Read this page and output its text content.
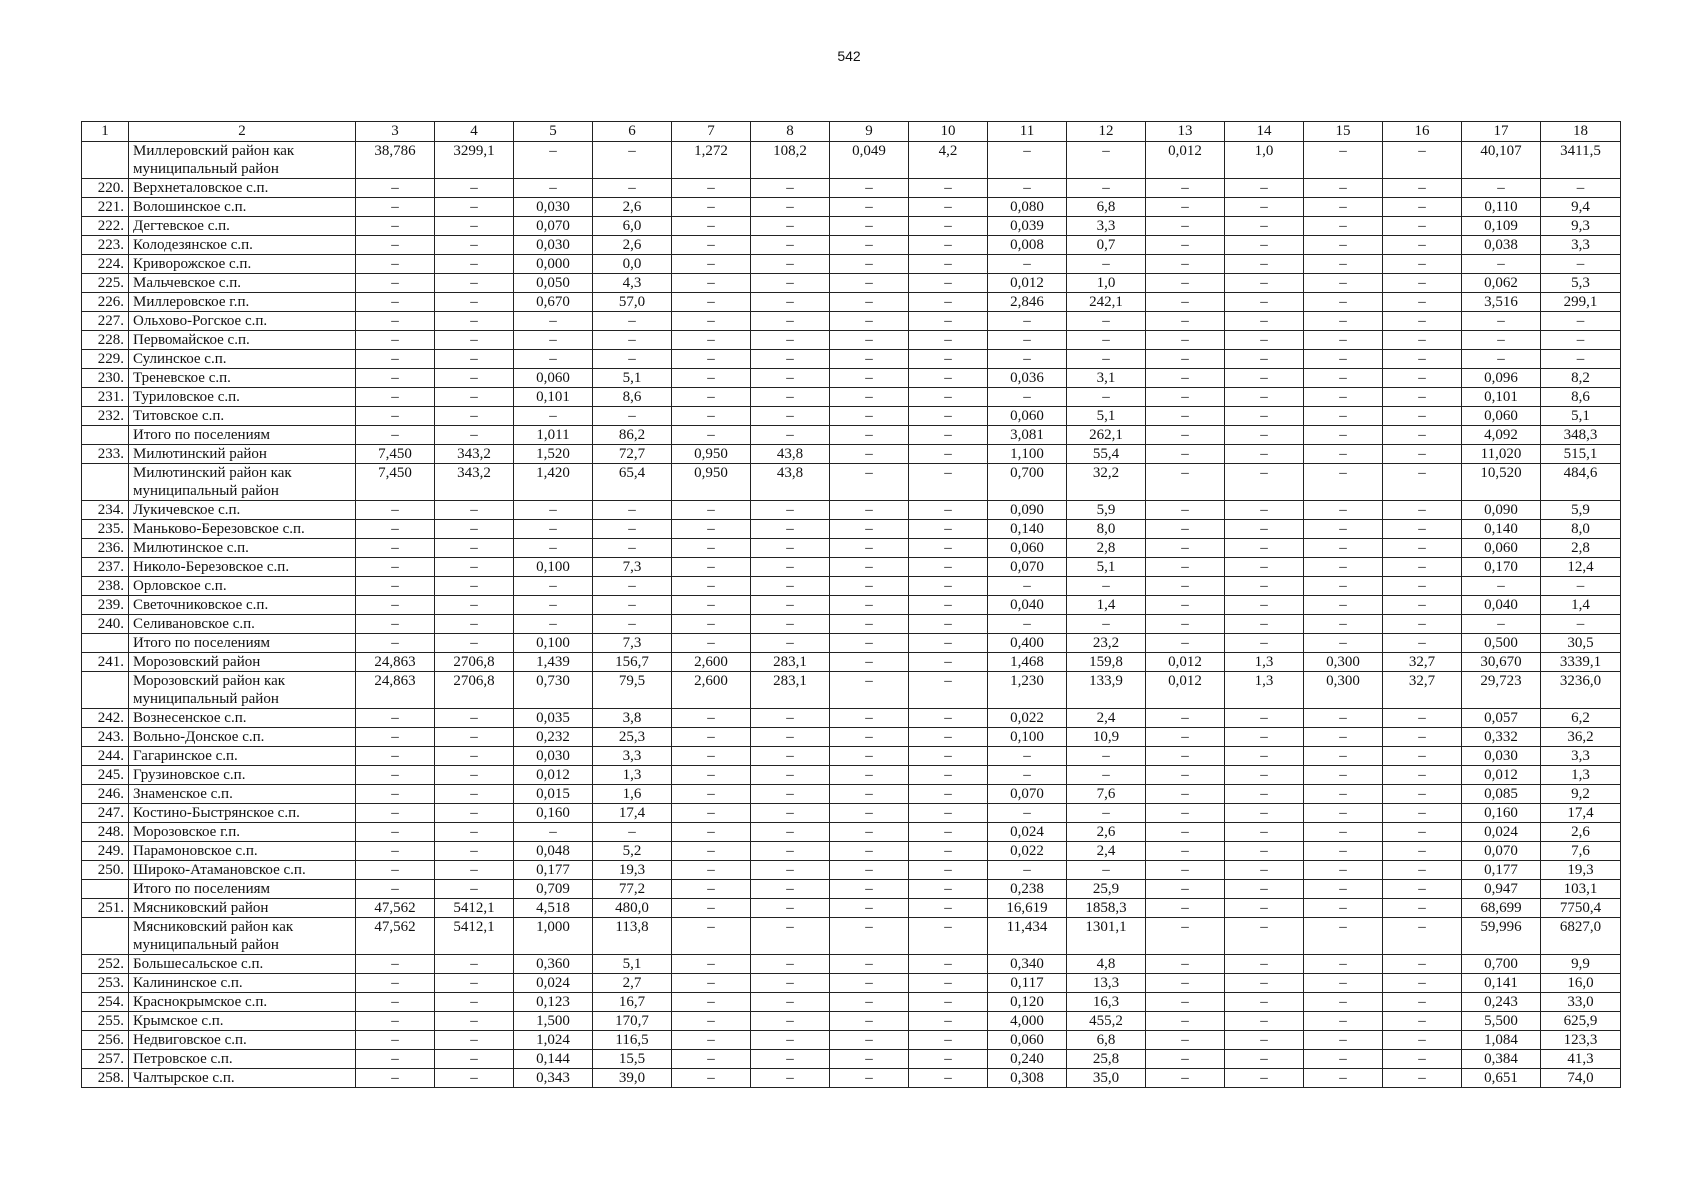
542
1	2	3	4	5	6	7	8	9	10	11	12	13	14	15	16	17	18
	Миллеровский район как муниципальный район	38,786	3299,1	–	–	1,272	108,2	0,049	4,2	–	–	0,012	1,0	–	–	40,107	3411,5
220.	Верхнеталовское с.п.	–	–	–	–	–	–	–	–	–	–	–	–	–	–	–	–
221.	Волошинское с.п.	–	–	0,030	2,6	–	–	–	–	0,080	6,8	–	–	–	–	0,110	9,4
222.	Дегтевское с.п.	–	–	0,070	6,0	–	–	–	–	0,039	3,3	–	–	–	–	0,109	9,3
223.	Колодезянское с.п.	–	–	0,030	2,6	–	–	–	–	0,008	0,7	–	–	–	–	0,038	3,3
224.	Криворожское с.п.	–	–	0,000	0,0	–	–	–	–	–	–	–	–	–	–	–	–
225.	Мальчевское с.п.	–	–	0,050	4,3	–	–	–	–	0,012	1,0	–	–	–	–	0,062	5,3
226.	Миллеровское г.п.	–	–	0,670	57,0	–	–	–	–	2,846	242,1	–	–	–	–	3,516	299,1
227.	Ольхово-Рогское с.п.	–	–	–	–	–	–	–	–	–	–	–	–	–	–	–	–
228.	Первомайское с.п.	–	–	–	–	–	–	–	–	–	–	–	–	–	–	–	–
229.	Сулинское с.п.	–	–	–	–	–	–	–	–	–	–	–	–	–	–	–	–
230.	Треневское с.п.	–	–	0,060	5,1	–	–	–	–	0,036	3,1	–	–	–	–	0,096	8,2
231.	Туриловское с.п.	–	–	0,101	8,6	–	–	–	–	–	–	–	–	–	–	0,101	8,6
232.	Титовское с.п.	–	–	–	–	–	–	–	–	0,060	5,1	–	–	–	–	0,060	5,1
	Итого по поселениям	–	–	1,011	86,2	–	–	–	–	3,081	262,1	–	–	–	–	4,092	348,3
233.	Милютинский район	7,450	343,2	1,520	72,7	0,950	43,8	–	–	1,100	55,4	–	–	–	–	11,020	515,1
	Милютинский район как муниципальный район	7,450	343,2	1,420	65,4	0,950	43,8	–	–	0,700	32,2	–	–	–	–	10,520	484,6
234.	Лукичевское с.п.	–	–	–	–	–	–	–	–	0,090	5,9	–	–	–	–	0,090	5,9
235.	Маньково-Березовское с.п.	–	–	–	–	–	–	–	–	0,140	8,0	–	–	–	–	0,140	8,0
236.	Милютинское с.п.	–	–	–	–	–	–	–	–	0,060	2,8	–	–	–	–	0,060	2,8
237.	Николо-Березовское с.п.	–	–	0,100	7,3	–	–	–	–	0,070	5,1	–	–	–	–	0,170	12,4
238.	Орловское с.п.	–	–	–	–	–	–	–	–	–	–	–	–	–	–	–	–
239.	Светочниковское с.п.	–	–	–	–	–	–	–	–	0,040	1,4	–	–	–	–	0,040	1,4
240.	Селивановское с.п.	–	–	–	–	–	–	–	–	–	–	–	–	–	–	–	–
	Итого по поселениям	–	–	0,100	7,3	–	–	–	–	0,400	23,2	–	–	–	–	0,500	30,5
241.	Морозовский район	24,863	2706,8	1,439	156,7	2,600	283,1	–	–	1,468	159,8	0,012	1,3	0,300	32,7	30,670	3339,1
	Морозовский район как муниципальный район	24,863	2706,8	0,730	79,5	2,600	283,1	–	–	1,230	133,9	0,012	1,3	0,300	32,7	29,723	3236,0
242.	Вознесенское с.п.	–	–	0,035	3,8	–	–	–	–	0,022	2,4	–	–	–	–	0,057	6,2
243.	Вольно-Донское с.п.	–	–	0,232	25,3	–	–	–	–	0,100	10,9	–	–	–	–	0,332	36,2
244.	Гагаринское с.п.	–	–	0,030	3,3	–	–	–	–	–	–	–	–	–	–	0,030	3,3
245.	Грузиновское с.п.	–	–	0,012	1,3	–	–	–	–	–	–	–	–	–	–	0,012	1,3
246.	Знаменское с.п.	–	–	0,015	1,6	–	–	–	–	0,070	7,6	–	–	–	–	0,085	9,2
247.	Костино-Быстрянское с.п.	–	–	0,160	17,4	–	–	–	–	–	–	–	–	–	–	0,160	17,4
248.	Морозовское г.п.	–	–	–	–	–	–	–	–	0,024	2,6	–	–	–	–	0,024	2,6
249.	Парамоновское с.п.	–	–	0,048	5,2	–	–	–	–	0,022	2,4	–	–	–	–	0,070	7,6
250.	Широко-Атамановское с.п.	–	–	0,177	19,3	–	–	–	–	–	–	–	–	–	–	0,177	19,3
	Итого по поселениям	–	–	0,709	77,2	–	–	–	–	0,238	25,9	–	–	–	–	0,947	103,1
251.	Мясниковский район	47,562	5412,1	4,518	480,0	–	–	–	–	16,619	1858,3	–	–	–	–	68,699	7750,4
	Мясниковский район как муниципальный район	47,562	5412,1	1,000	113,8	–	–	–	–	11,434	1301,1	–	–	–	–	59,996	6827,0
252.	Большесальское с.п.	–	–	0,360	5,1	–	–	–	–	0,340	4,8	–	–	–	–	0,700	9,9
253.	Калининское с.п.	–	–	0,024	2,7	–	–	–	–	0,117	13,3	–	–	–	–	0,141	16,0
254.	Краснокрымское с.п.	–	–	0,123	16,7	–	–	–	–	0,120	16,3	–	–	–	–	0,243	33,0
255.	Крымское с.п.	–	–	1,500	170,7	–	–	–	–	4,000	455,2	–	–	–	–	5,500	625,9
256.	Недвиговское с.п.	–	–	1,024	116,5	–	–	–	–	0,060	6,8	–	–	–	–	1,084	123,3
257.	Петровское с.п.	–	–	0,144	15,5	–	–	–	–	0,240	25,8	–	–	–	–	0,384	41,3
258.	Чалтырское с.п.	–	–	0,343	39,0	–	–	–	–	0,308	35,0	–	–	–	–	0,651	74,0
